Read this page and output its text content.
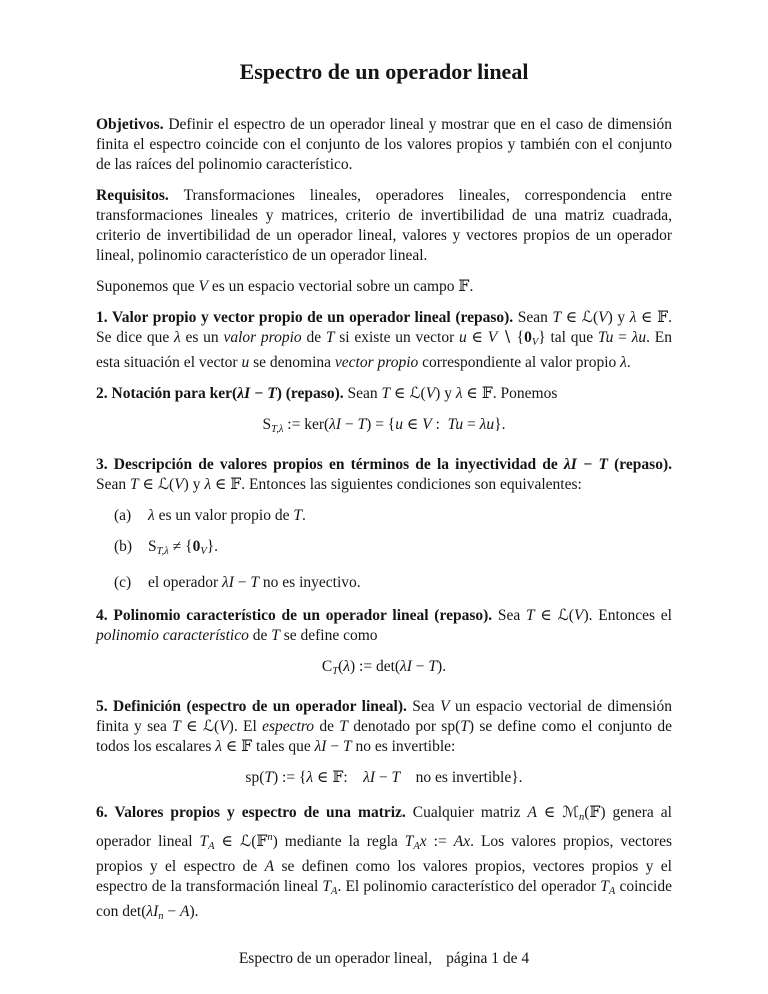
Espectro de un operador lineal

Objetivos. Definir el espectro de un operador lineal y mostrar que en el caso de dimensión finita el espectro coincide con el conjunto de los valores propios y también con el conjunto de las raíces del polinomio característico.

Requisitos. Transformaciones lineales, operadores lineales, correspondencia entre transformaciones lineales y matrices, criterio de invertibilidad de una matriz cuadrada, criterio de invertibilidad de un operador lineal, valores y vectores propios de un operador lineal, polinomio característico de un operador lineal.

Suponemos que V es un espacio vectorial sobre un campo 𝔽.

1. Valor propio y vector propio de un operador lineal (repaso). Sean T ∈ ℒ(V) y λ ∈ 𝔽. Se dice que λ es un valor propio de T si existe un vector u ∈ V ∖ {0V} tal que Tu = λu. En esta situación el vector u se denomina vector propio correspondiente al valor propio λ.

2. Notación para ker(λI − T) (repaso). Sean T ∈ ℒ(V) y λ ∈ 𝔽. Ponemos

ST,λ := ker(λI − T) = {u ∈ V : Tu = λu}.

3. Descripción de valores propios en términos de la inyectividad de λI − T (repaso). Sean T ∈ ℒ(V) y λ ∈ 𝔽. Entonces las siguientes condiciones son equivalentes:

(a)	λ es un valor propio de T.
(b)	ST,λ ≠ {0V}.
(c)	el operador λI − T no es inyectivo.

4. Polinomio característico de un operador lineal (repaso). Sea T ∈ ℒ(V). Entonces el polinomio característico de T se define como

CT(λ) := det(λI − T).

5. Definición (espectro de un operador lineal). Sea V un espacio vectorial de dimensión finita y sea T ∈ ℒ(V). El espectro de T denotado por sp(T) se define como el conjunto de todos los escalares λ ∈ 𝔽 tales que λI − T no es invertible:

sp(T) := {λ ∈ 𝔽: λI − T no es invertible}.

6. Valores propios y espectro de una matriz. Cualquier matriz A ∈ ℳn(𝔽) genera al operador lineal TA ∈ ℒ(𝔽$^n$) mediante la regla TAx := Ax. Los valores propios, vectores propios y el espectro de A se definen como los valores propios, vectores propios y el espectro de la transformación lineal TA. El polinomio característico del operador TA coincide con det(λIn − A).

Espectro de un operador lineal, página 1 de 4
